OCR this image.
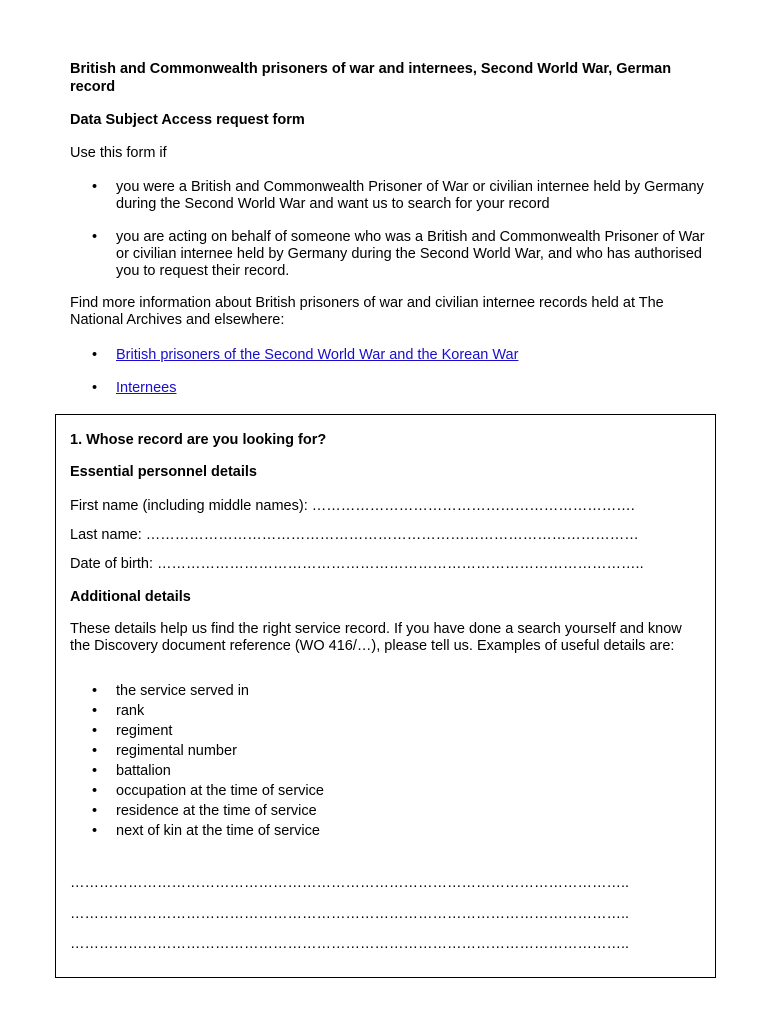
British and Commonwealth prisoners of war and internees, Second World War, German record

Data Subject Access request form

Use this form if

• you were a British and Commonwealth Prisoner of War or civilian internee held by Germany during the Second World War and want us to search for your record
• you are acting on behalf of someone who was a British and Commonwealth Prisoner of War or civilian internee held by Germany during the Second World War, and who has authorised you to request their record.

Find more information about British prisoners of war and civilian internee records held at The National Archives and elsewhere:

• British prisoners of the Second World War and the Korean War
• Internees

1. Whose record are you looking for?

Essential personnel details

First name (including middle names): ………………………………………………………….

Last name: …………………………………………………………………………………………

Date of birth: ………………………………………………………………………………………..

Additional details

These details help us find the right service record. If you have done a search yourself and know the Discovery document reference (WO 416/…), please tell us. Examples of useful details are:

• the service served in
• rank
• regiment
• regimental number
• battalion
• occupation at the time of service
• residence at the time of service
• next of kin at the time of service

……………………………………………………………………………………………………..

……………………………………………………………………………………………………..

……………………………………………………………………………………………………..
